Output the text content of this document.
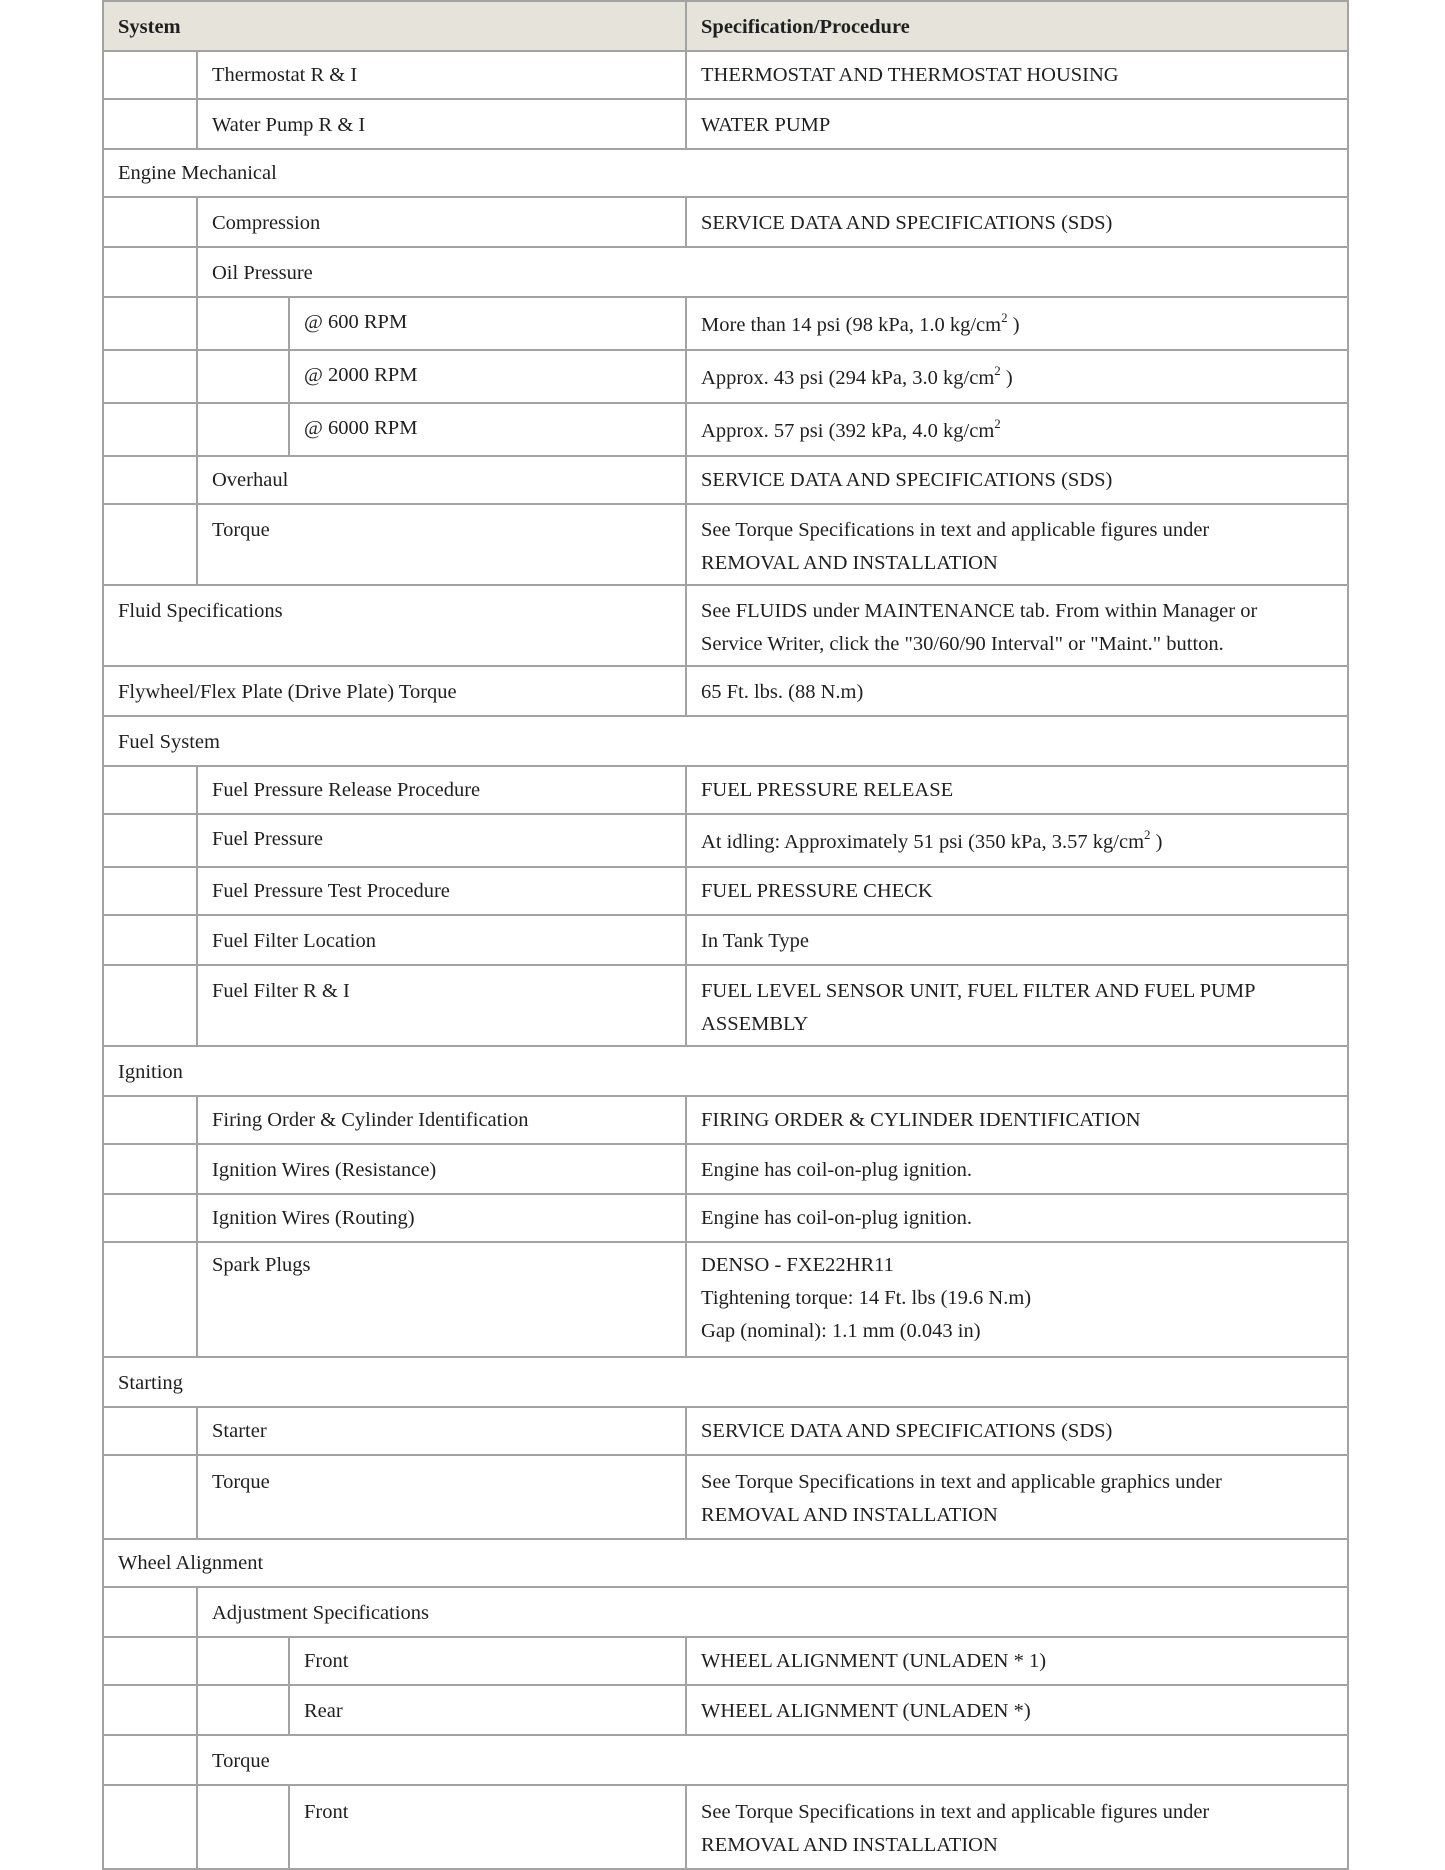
System			Specification/Procedure
	Thermostat R & I		THERMOSTAT AND THERMOSTAT HOUSING
	Water Pump R & I		WATER PUMP
Engine Mechanical			
	Compression		SERVICE DATA AND SPECIFICATIONS (SDS)
	Oil Pressure		
		@ 600 RPM	More than 14 psi (98 kPa, 1.0 $kg/cm^2$ )
		@ 2000 RPM	Approx. 43 psi (294 kPa, 3.0 $kg/cm^2$ )
		@ 6000 RPM	Approx. 57 psi (392 kPa, 4.0 $kg/cm^2$
	Overhaul		SERVICE DATA AND SPECIFICATIONS (SDS)
	Torque		See Torque Specifications in text and applicable figures under
REMOVAL AND INSTALLATION

Fluid Specifications			See FLUIDS under MAINTENANCE tab. From within Manager or
Service Writer, click the "30/60/90 Interval" or "Maint." button.

Flywheel/Flex Plate (Drive Plate) Torque			65 Ft. lbs. (88 N.m)
Fuel System			
	Fuel Pressure Release Procedure		FUEL PRESSURE RELEASE
	Fuel Pressure		At idling: Approximately 51 psi (350 kPa, 3.57 $kg/cm^2$ )
	Fuel Pressure Test Procedure		FUEL PRESSURE CHECK
	Fuel Filter Location		In Tank Type
	Fuel Filter R & I		FUEL LEVEL SENSOR UNIT, FUEL FILTER AND FUEL PUMP
ASSEMBLY

Ignition			
	Firing Order & Cylinder Identification		FIRING ORDER & CYLINDER IDENTIFICATION
	Ignition Wires (Resistance)		Engine has coil-on-plug ignition.
	Ignition Wires (Routing)		Engine has coil-on-plug ignition.
	Spark Plugs		DENSO - FXE22HR11
Tightening torque: 14 Ft. lbs (19.6 N.m)
Gap (nominal): 1.1 mm (0.043 in)

Starting			
	Starter		SERVICE DATA AND SPECIFICATIONS (SDS)
	Torque		See Torque Specifications in text and applicable graphics under
REMOVAL AND INSTALLATION

Wheel Alignment			
	Adjustment Specifications		
		Front	WHEEL ALIGNMENT (UNLADEN * 1)
		Rear	WHEEL ALIGNMENT (UNLADEN *)
	Torque		
		Front	See Torque Specifications in text and applicable figures under
REMOVAL AND INSTALLATION
